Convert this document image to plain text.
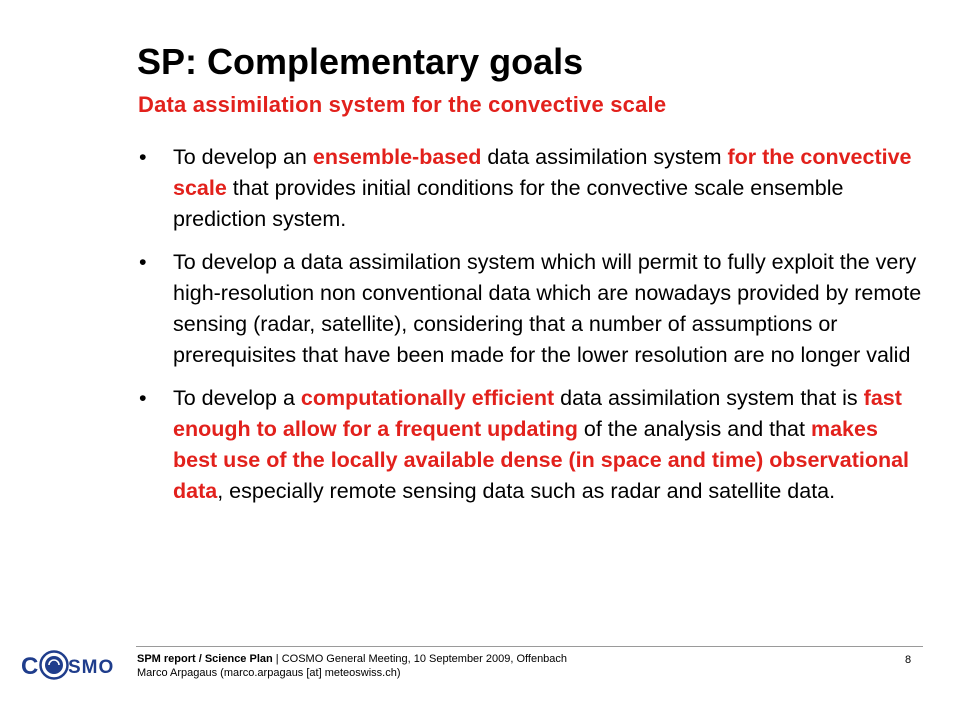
SP: Complementary goals
Data assimilation system for the convective scale
•	To develop an ensemble-based data assimilation system for the convective scale that provides initial conditions for the convective scale ensemble prediction system.
•	To develop a data assimilation system which will permit to fully exploit the very high-resolution non conventional data which are nowadays provided by remote sensing (radar, satellite), considering that a number of assumptions or prerequisites that have been made for the lower resolution are no longer valid
•	To develop a computationally efficient data assimilation system that is fast enough to allow for a frequent updating of the analysis and that makes best use of the locally available dense (in space and time) observational data, especially remote sensing data such as radar and satellite data.
C SMO SPM report / Science Plan | COSMO General Meeting, 10 September 2009, Offenbach
Marco Arpagaus (marco.arpagaus [at] meteoswiss.ch)
8
